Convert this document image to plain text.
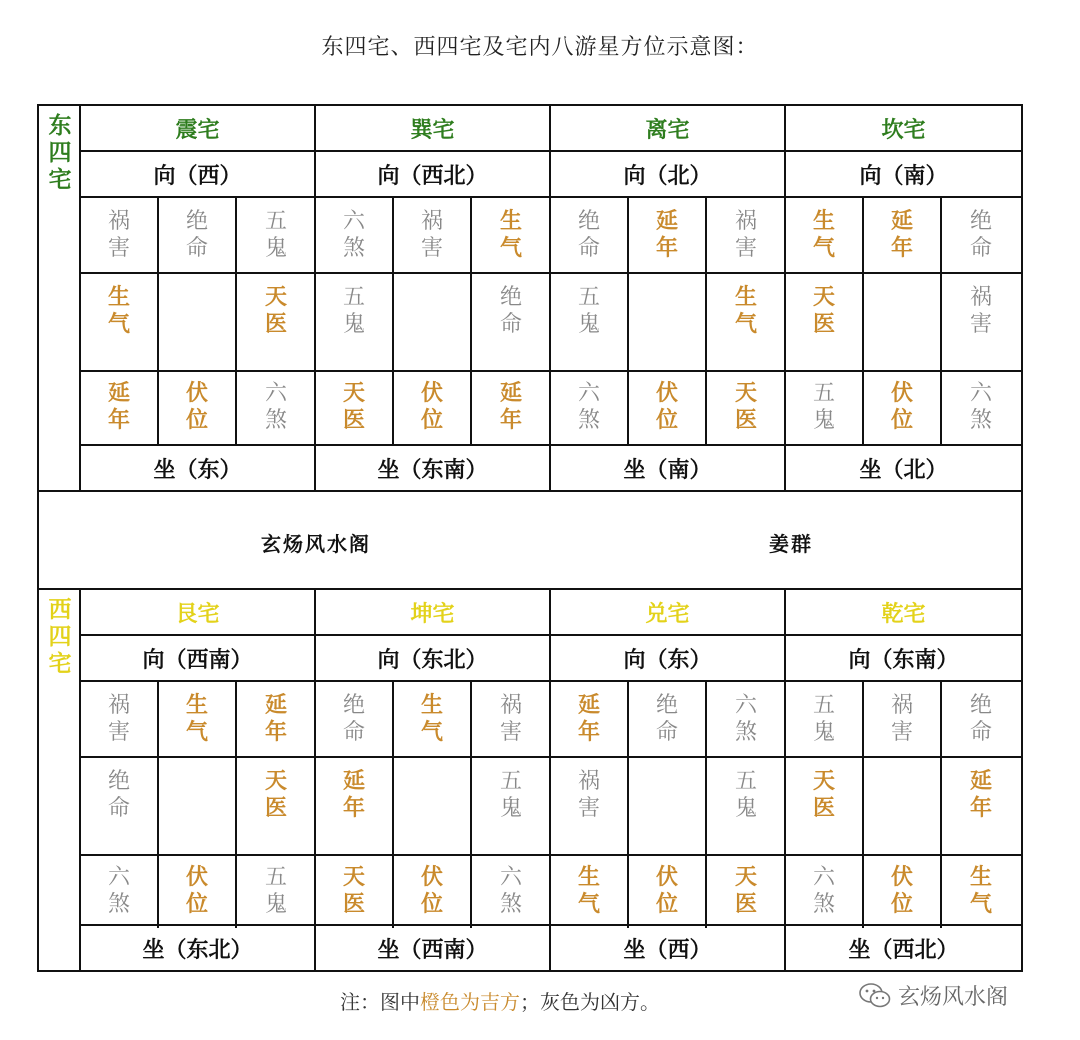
东四宅、西四宅及宅内八游星方位示意图：
东
四
宅
震宅
向（西）
祸
害
绝
命
五
鬼
生
气
天
医
延
年
伏
位
六
煞
坐（东）
巽宅
向（西北）
六
煞
祸
害
生
气
五
鬼
绝
命
天
医
伏
位
延
年
坐（东南）
离宅
向（北）
绝
命
延
年
祸
害
五
鬼
生
气
六
煞
伏
位
天
医
坐（南）
坎宅
向（南）
生
气
延
年
绝
命
天
医
祸
害
五
鬼
伏
位
六
煞
坐（北）
玄炀风水阁	姜群
西
四
宅
艮宅
向（西南）
祸
害
生
气
延
年
绝
命
天
医
六
煞
伏
位
五
鬼
坐（东北）
坤宅
向（东北）
绝
命
生
气
祸
害
延
年
五
鬼
天
医
伏
位
六
煞
坐（西南）
兑宅
向（东）
延
年
绝
命
六
煞
祸
害
五
鬼
生
气
伏
位
天
医
坐（西）
乾宅
向（东南）
五
鬼
祸
害
绝
命
天
医
延
年
六
煞
伏
位
生
气
坐（西北）
注：图中橙色为吉方；灰色为凶方。	玄炀风水阁
